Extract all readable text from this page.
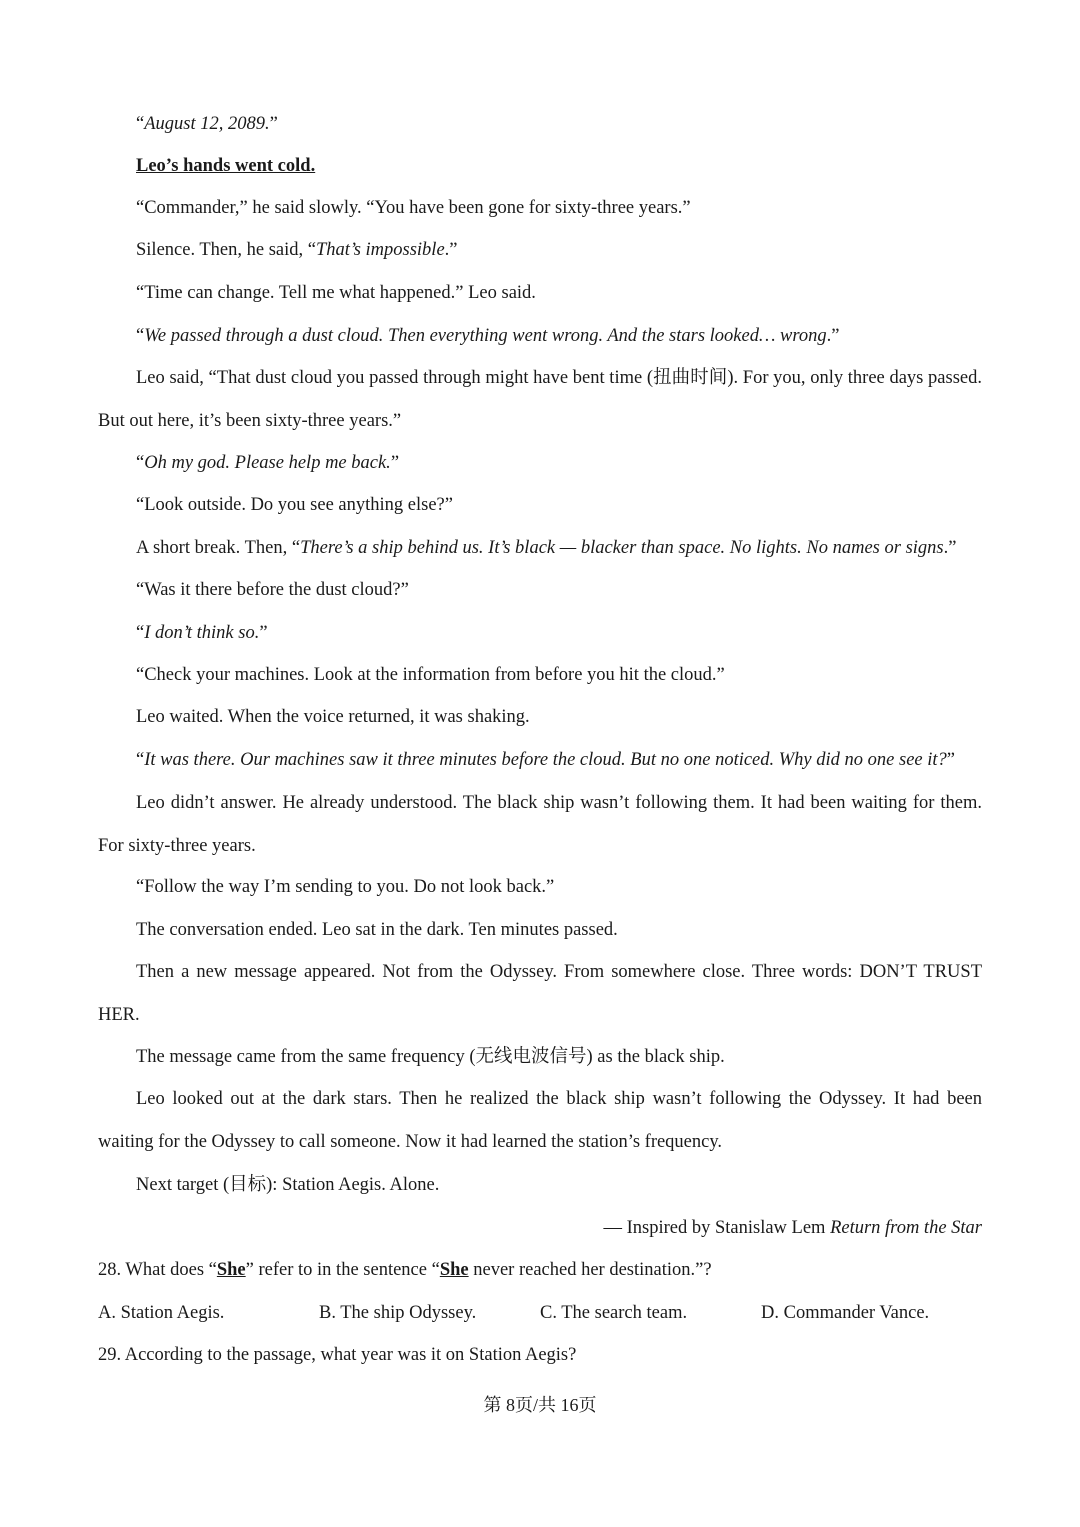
“August 12, 2089.”

Leo’s hands went cold.

“Commander,” he said slowly. “You have been gone for sixty-three years.”

Silence. Then, he said, “That’s impossible.”

“Time can change. Tell me what happened.” Leo said.

“We passed through a dust cloud. Then everything went wrong. And the stars looked… wrong.”

Leo said, “That dust cloud you passed through might have bent time (扭曲时间). For you, only three days passed. But out here, it’s been sixty-three years.”

“Oh my god. Please help me back.”

“Look outside. Do you see anything else?”

A short break. Then, “There’s a ship behind us. It’s black — blacker than space. No lights. No names or signs.”

“Was it there before the dust cloud?”

“I don’t think so.”

“Check your machines. Look at the information from before you hit the cloud.”

Leo waited. When the voice returned, it was shaking.

“It was there. Our machines saw it three minutes before the cloud. But no one noticed. Why did no one see it?”

Leo didn’t answer. He already understood. The black ship wasn’t following them. It had been waiting for them. For sixty-three years.

“Follow the way I’m sending to you. Do not look back.”

The conversation ended. Leo sat in the dark. Ten minutes passed.

Then a new message appeared. Not from the Odyssey. From somewhere close. Three words: DON’T TRUST HER.

The message came from the same frequency (无线电波信号) as the black ship.

Leo looked out at the dark stars. Then he realized the black ship wasn’t following the Odyssey. It had been waiting for the Odyssey to call someone. Now it had learned the station’s frequency.

Next target (目标): Station Aegis. Alone.

— Inspired by Stanislaw Lem Return from the Star

28. What does “She” refer to in the sentence “She never reached her destination.”?

A. Station Aegis.	B. The ship Odyssey.	C. The search team.	D. Commander Vance.

29. According to the passage, what year was it on Station Aegis?

第 8页/共 16页
